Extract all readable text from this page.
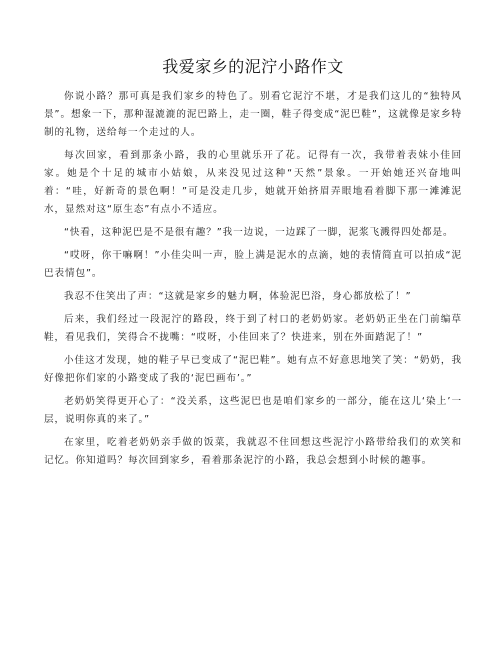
我爱家乡的泥泞小路作文

你说小路？那可真是我们家乡的特色了。别看它泥泞不堪，才是我们这儿的“独特风景”。想象一下，那种湿漉漉的泥巴路上，走一圈，鞋子得变成“泥巴鞋”，这就像是家乡特制的礼物，送给每一个走过的人。

每次回家，看到那条小路，我的心里就乐开了花。记得有一次，我带着表妹小佳回家。她是个十足的城市小姑娘，从来没见过这种“天然”景象。一开始她还兴奋地叫着：“哇，好新奇的景色啊！”可是没走几步，她就开始挤眉弄眼地看着脚下那一滩滩泥水，显然对这“原生态”有点小不适应。

“快看，这种泥巴是不是很有趣？”我一边说，一边踩了一脚，泥浆飞溅得四处都是。

“哎呀，你干嘛啊！”小佳尖叫一声，脸上满是泥水的点滴，她的表情简直可以拍成“泥巴表情包”。

我忍不住笑出了声：“这就是家乡的魅力啊，体验泥巴浴，身心都放松了！”

后来，我们经过一段泥泞的路段，终于到了村口的老奶奶家。老奶奶正坐在门前编草鞋，看见我们，笑得合不拢嘴：“哎呀，小佳回来了？快进来，别在外面踏泥了！”

小佳这才发现，她的鞋子早已变成了“泥巴鞋”。她有点不好意思地笑了笑：“奶奶，我好像把你们家的小路变成了我的‘泥巴画布’。”

老奶奶笑得更开心了：“没关系，这些泥巴也是咱们家乡的一部分，能在这儿‘染上’一层，说明你真的来了。”

在家里，吃着老奶奶亲手做的饭菜，我就忍不住回想这些泥泞小路带给我们的欢笑和记忆。你知道吗？每次回到家乡，看着那条泥泞的小路，我总会想到小时候的趣事。
